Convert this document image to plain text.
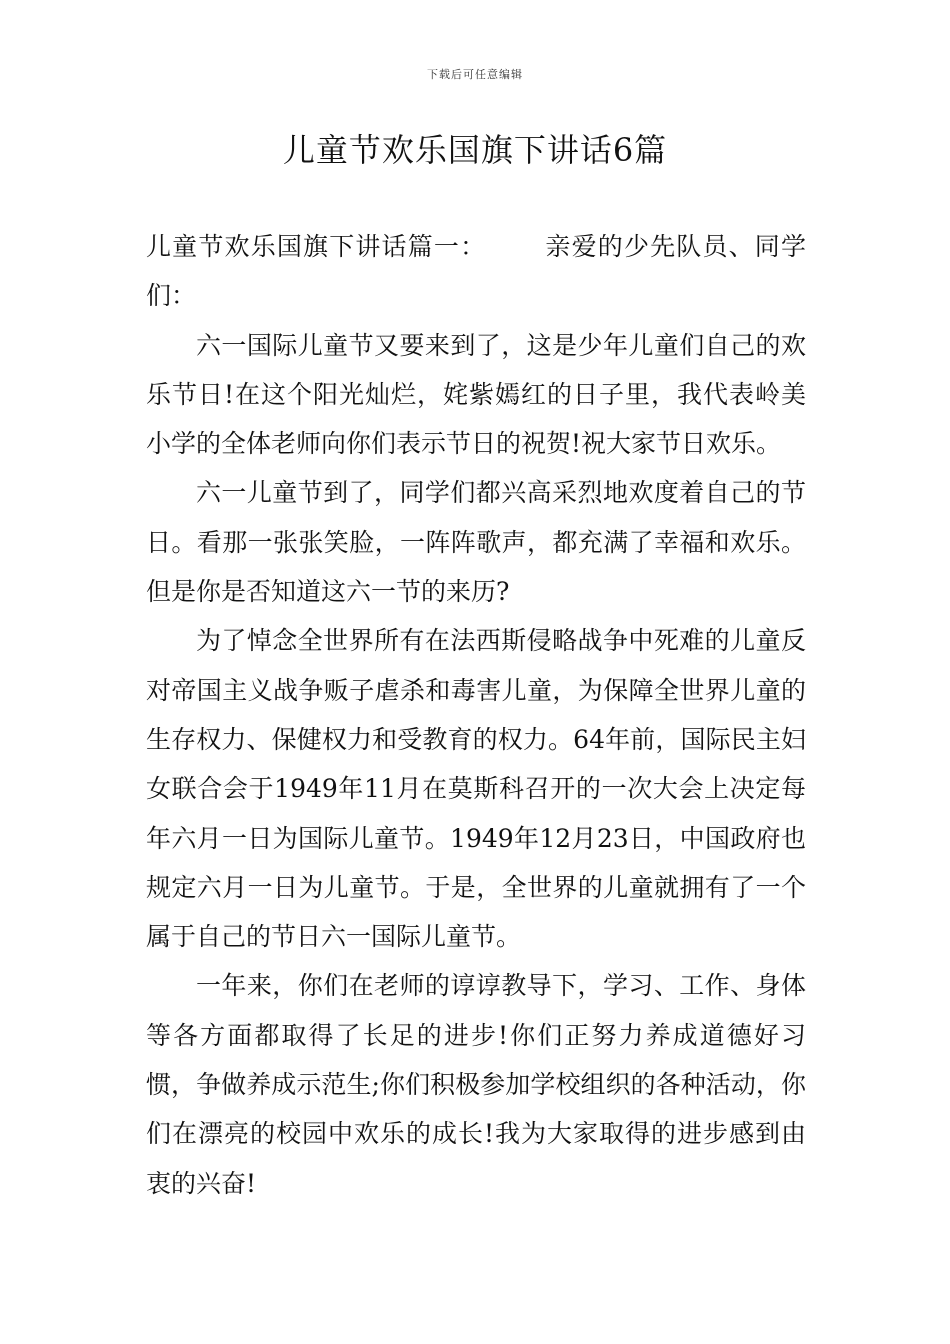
下载后可任意编辑
儿童节欢乐国旗下讲话6篇

儿童节欢乐国旗下讲话篇一： 亲爱的少先队员、同学们：

六一国际儿童节又要来到了，这是少年儿童们自己的欢乐节日!在这个阳光灿烂，姹紫嫣红的日子里，我代表岭美小学的全体老师向你们表示节日的祝贺!祝大家节日欢乐。

六一儿童节到了，同学们都兴高采烈地欢度着自己的节日。看那一张张笑脸，一阵阵歌声，都充满了幸福和欢乐。但是你是否知道这六一节的来历?

为了悼念全世界所有在法西斯侵略战争中死难的儿童反对帝国主义战争贩子虐杀和毒害儿童，为保障全世界儿童的生存权力、保健权力和受教育的权力。64年前，国际民主妇女联合会于1949年11月在莫斯科召开的一次大会上决定每年六月一日为国际儿童节。1949年12月23日，中国政府也规定六月一日为儿童节。于是，全世界的儿童就拥有了一个属于自己的节日六一国际儿童节。

一年来，你们在老师的谆谆教导下，学习、工作、身体等各方面都取得了长足的进步!你们正努力养成道德好习惯，争做养成示范生;你们积极参加学校组织的各种活动，你们在漂亮的校园中欢乐的成长!我为大家取得的进步感到由衷的兴奋!
